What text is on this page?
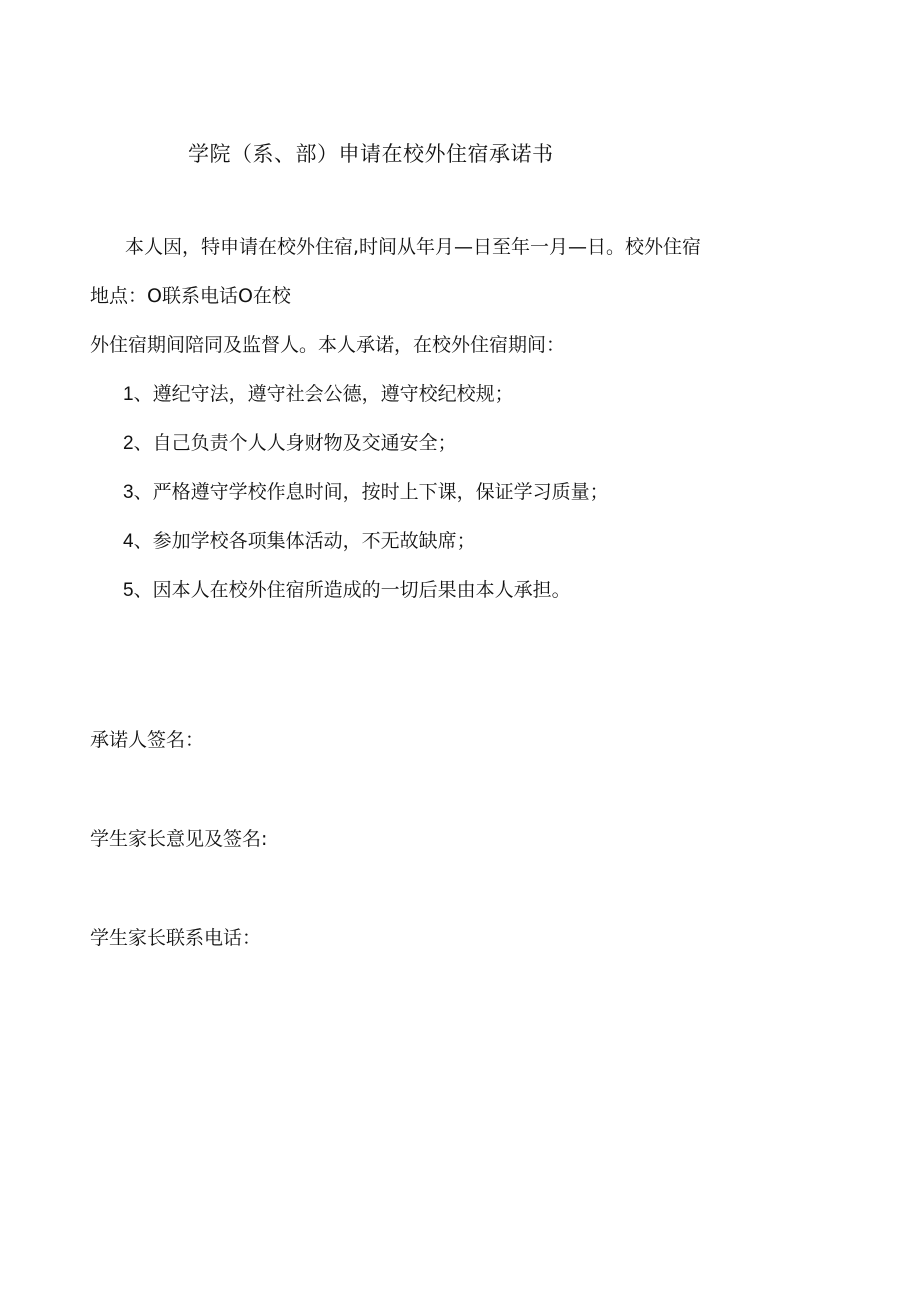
学院（系、部）申请在校外住宿承诺书
本人因，特申请在校外住宿,时间从年月—日至年一月—日。校外住宿
地点：O联系电话O在校
外住宿期间陪同及监督人。本人承诺，在校外住宿期间：
1、遵纪守法，遵守社会公德，遵守校纪校规；
2、自己负责个人人身财物及交通安全；
3、严格遵守学校作息时间，按时上下课，保证学习质量；
4、参加学校各项集体活动，不无故缺席；
5、因本人在校外住宿所造成的一切后果由本人承担。
承诺人签名：
学生家长意见及签名:
学生家长联系电话：
